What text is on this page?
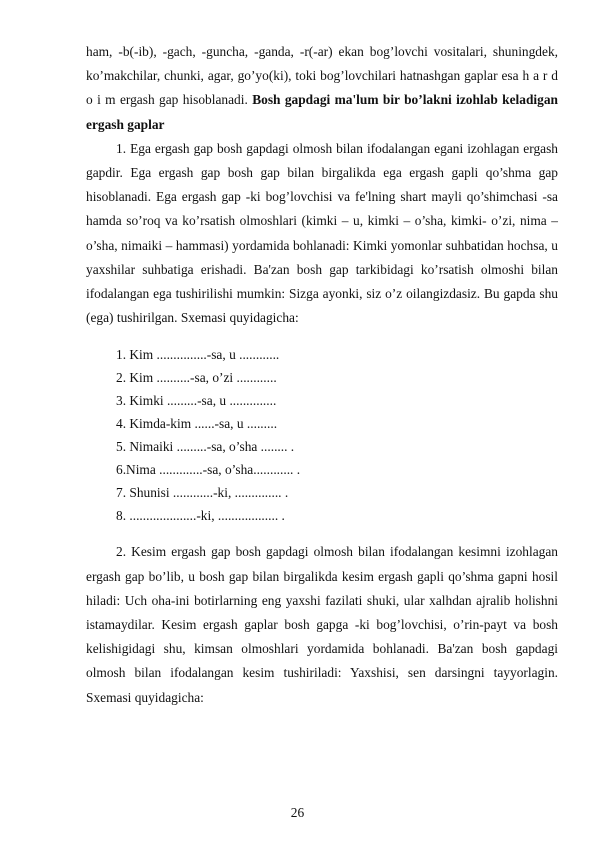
ham, -b(-ib), -gach, -guncha, -ganda, -r(-ar) ekan bog’lovchi vositalari, shuningdek, ko’makchilar, chunki, agar, go’yo(ki), toki bog’lovchilari hatnashgan gaplar esa h a r d o i m ergash gap hisoblanadi. Bosh gapdagi ma'lum bir bo’lakni izohlab keladigan ergash gaplar

1. Ega ergash gap bosh gapdagi olmosh bilan ifodalangan egani izohlagan ergash gapdir. Ega ergash gap bosh gap bilan birgalikda ega ergash gapli qo’shma gap hisoblanadi. Ega ergash gap -ki bog’lovchisi va fe'lning shart mayli qo’shimchasi -sa hamda so’roq va ko’rsatish olmoshlari (kimki – u, kimki – o’sha, kimki- o’zi, nima – o’sha, nimaiki – hammasi) yordamida bohlanadi: Kimki yomonlar suhbatidan hochsa, u yaxshilar suhbatiga erishadi. Ba'zan bosh gap tarkibidagi ko’rsatish olmoshi bilan ifodalangan ega tushirilishi mumkin: Sizga ayonki, siz o’z oilangizdasiz. Bu gapda shu (ega) tushirilgan. Sxemasi quyidagicha:

1. Kim ...............-sa, u ............
2. Kim ..........-sa, o’zi ............
3. Kimki .........-sa, u ..............
4. Kimda-kim ......-sa, u .........
5. Nimaiki .........-sa, o’sha ........ .
6.Nima .............-sa, o’sha............ .
7. Shunisi ............-ki, .............. .
8. ....................-ki, .................. .

2. Kesim ergash gap bosh gapdagi olmosh bilan ifodalangan kesimni izohlagan ergash gap bo’lib, u bosh gap bilan birgalikda kesim ergash gapli qo’shma gapni hosil hiladi: Uch oha-ini botirlarning eng yaxshi fazilati shuki, ular xalhdan ajralib holishni istamaydilar. Kesim ergash gaplar bosh gapga -ki bog’lovchisi, o’rin-payt va bosh kelishigidagi shu, kimsan olmoshlari yordamida bohlanadi. Ba'zan bosh gapdagi olmosh bilan ifodalangan kesim tushiriladi: Yaxshisi, sen darsingni tayyorlagin. Sxemasi quyidagicha:

26
